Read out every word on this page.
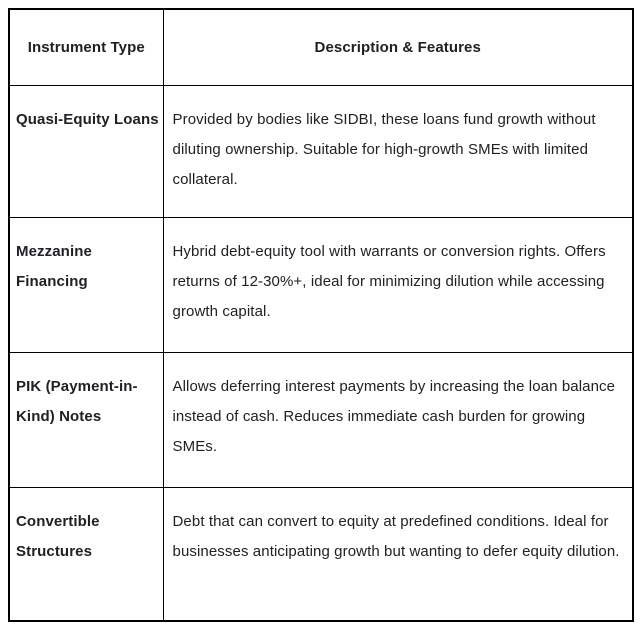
Instrument Type	Description & Features
Quasi-Equity Loans	Provided by bodies like SIDBI, these loans fund growth without diluting ownership. Suitable for high-growth SMEs with limited collateral.
Mezzanine Financing	Hybrid debt-equity tool with warrants or conversion rights. Offers returns of 12-30%+, ideal for minimizing dilution while accessing growth capital.
PIK (Payment-in-Kind) Notes	Allows deferring interest payments by increasing the loan balance instead of cash. Reduces immediate cash burden for growing SMEs.
Convertible Structures	Debt that can convert to equity at predefined conditions. Ideal for businesses anticipating growth but wanting to defer equity dilution.
